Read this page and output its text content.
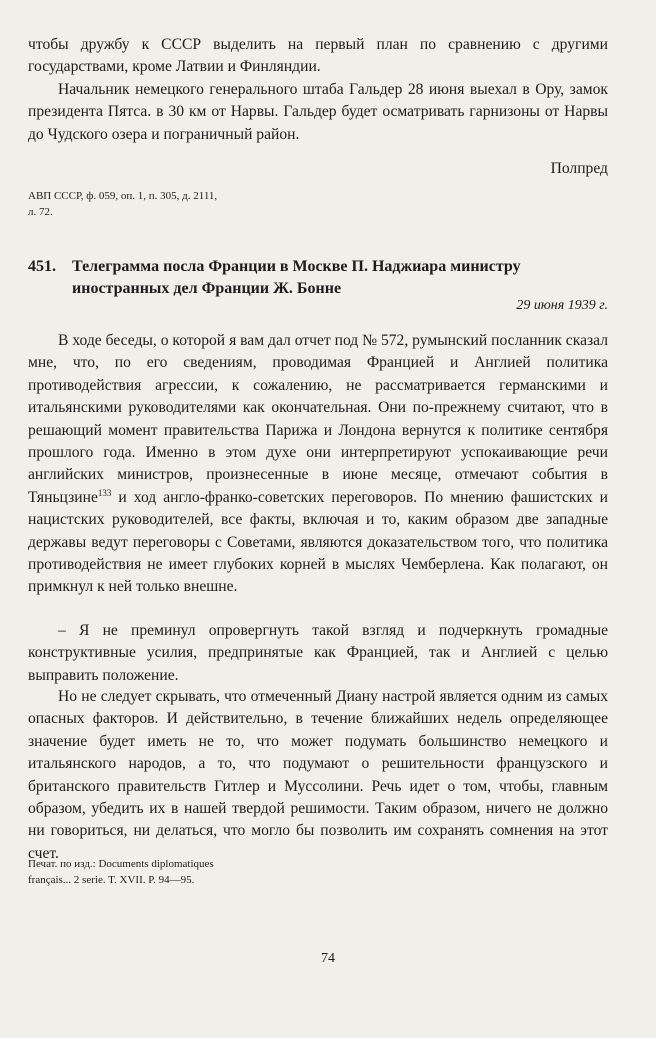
чтобы дружбу к СССР выделить на первый план по сравнению с другими государствами, кроме Латвии и Финляндии.

Начальник немецкого генерального штаба Гальдер 28 июня выехал в Ору, замок президента Пятса. в 30 км от Нарвы. Гальдер будет осматривать гарнизоны от Нарвы до Чудского озера и пограничный район.

Полпред

АВП СССР, ф. 059, оп. 1, п. 305, д. 2111,
л. 72.

451. Телеграмма посла Франции в Москве П. Наджиара министру
иностранных дел Франции Ж. Бонне
29 июня 1939 г.

В ходе беседы, о которой я вам дал отчет под № 572, румынский посланник сказал мне, что, по его сведениям, проводимая Францией и Англией политика противодействия агрессии, к сожалению, не рассматривается германскими и итальянскими руководителями как окончательная. Они по-прежнему считают, что в решающий момент правительства Парижа и Лондона вернутся к политике сентября прошлого года. Именно в этом духе они интерпретируют успокаивающие речи английских министров, произнесенные в июне месяце, отмечают события в Тяньцзине$^{133}$ и ход англо-франко-советских переговоров. По мнению фашистских и нацистских руководителей, все факты, включая и то, каким образом две западные державы ведут переговоры с Советами, являются доказательством того, что политика противодействия не имеет глубоких корней в мыслях Чемберлена. Как полагают, он примкнул к ней только внешне.

– Я не преминул опровергнуть такой взгляд и подчеркнуть громадные конструктивные усилия, предпринятые как Францией, так и Англией с целью выправить положение.

Но не следует скрывать, что отмеченный Диану настрой является одним из самых опасных факторов. И действительно, в течение ближайших недель определяющее значение будет иметь не то, что может подумать большинство немецкого и итальянского народов, а то, что подумают о решительности французского и британского правительств Гитлер и Муссолини. Речь идет о том, чтобы, главным образом, убедить их в нашей твердой решимости. Таким образом, ничего не должно ни говориться, ни делаться, что могло бы позволить им сохранять сомнения на этот счет.

Печат. по изд.: Documents diplomatiques
français... 2 serie. T. XVII. P. 94—95.

74
